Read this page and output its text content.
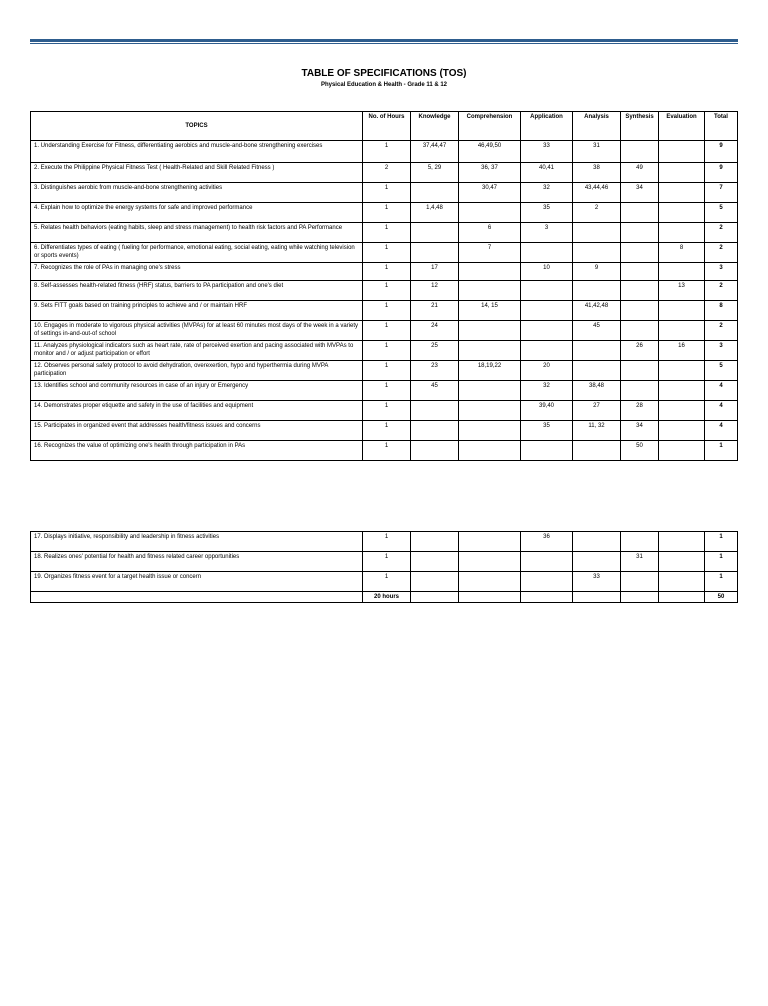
TABLE OF SPECIFICATIONS (TOS)
Physical Education & Health - Grade 11 & 12
TOPICS	No. of Hours	Knowledge	Comprehension	Application	Analysis	Synthesis	Evaluation	Total
1. Understanding Exercise for Fitness, differentiating aerobics and muscle-and-bone strengthening exercises	1	37,44,47	46,49,50	33	31			9
2. Execute the Philippine Physical Fitness Test ( Health-Related and Skill Related Fitness )	2	5, 29	36, 37	40,41	38	49		9
3. Distinguishes aerobic from muscle-and-bone strengthening activities	1		30,47	32	43,44,46	34		7
4. Explain how to optimize the energy systems for safe and improved performance	1	1,4,48		35	2			5
5. Relates health behaviors (eating habits, sleep and stress management) to health risk factors and PA Performance	1		6	3				2
6. Differentiates types of eating ( fueling for performance, emotional eating, social eating, eating while watching television or sports events)	1		7				8	2
7. Recognizes the role of PAs in managing one's stress	1	17		10	9			3
8. Self-assesses health-related fitness (HRF) status, barriers to PA participation and one's diet	1	12					13	2
9. Sets FITT goals based on training principles to achieve and / or maintain HRF	1	21	14, 15		41,42,48			8
10. Engages in moderate to vigorous physical activities (MVPAs) for at least 60 minutes most days of the week in a variety of settings in-and-out-of school	1	24			45			2
11. Analyzes physiological indicators such as heart rate, rate of perceived exertion and pacing associated with MVPAs to monitor and / or adjust participation or effort	1	25				26	16	3
12. Observes personal safety protocol to avoid dehydration, overexertion, hypo and hyperthermia during MVPA participation	1	23	18,19,22	20				5
13. Identifies school and community resources in case of an injury or Emergency	1	45		32	38,48			4
14. Demonstrates proper etiquette and safety in the use of facilities and equipment	1			39,40	27	28		4
15. Participates in organized event that addresses health/fitness issues and concerns	1			35	11, 32	34		4
16. Recognizes the value of optimizing one's health through participation in PAs	1					50		1
17. Displays initiative, responsibility and leadership in fitness activities	1			36				1
18. Realizes ones' potential for health and fitness related career opportunities	1					31		1
19. Organizes fitness event for a target health issue or concern	1				33			1
	20 hours							50
